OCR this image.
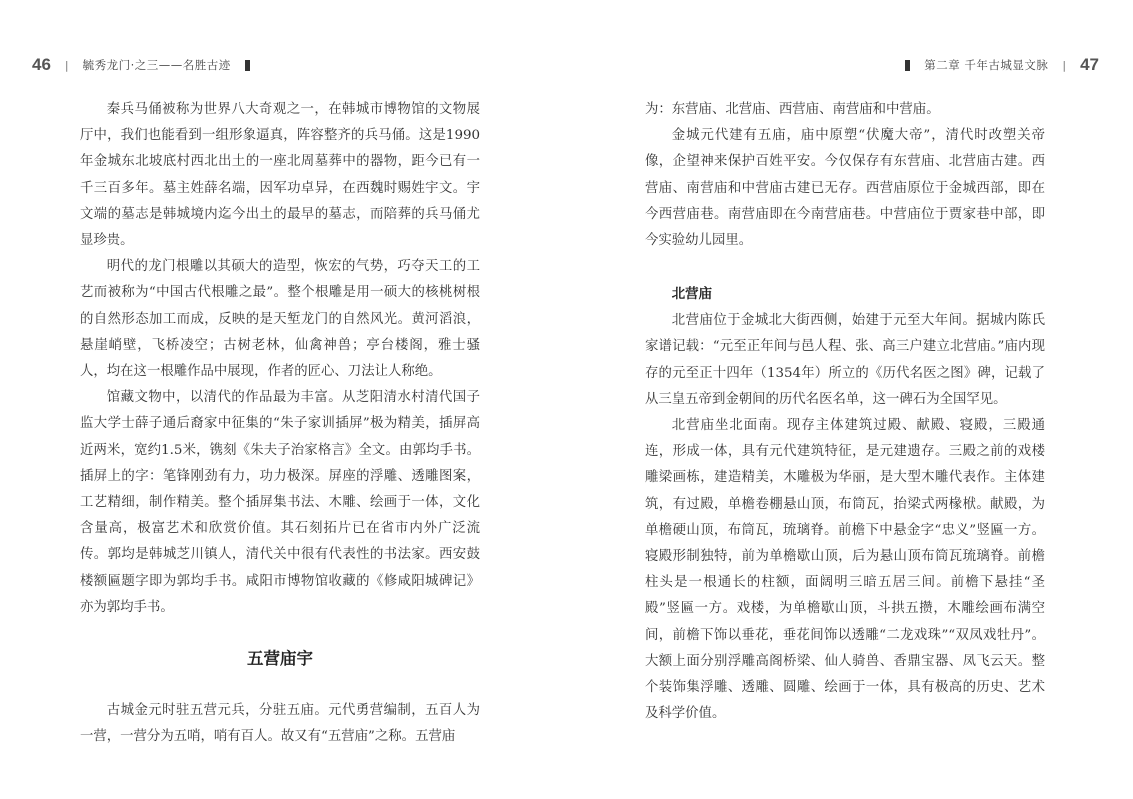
46 | 毓秀龙门·之三——名胜古迹

秦兵马俑被称为世界八大奇观之一，在韩城市博物馆的文物展厅中，我们也能看到一组形象逼真，阵容整齐的兵马俑。这是1990年金城东北坡底村西北出土的一座北周墓葬中的器物，距今已有一千三百多年。墓主姓薛名端，因军功卓异，在西魏时赐姓宇文。宇文端的墓志是韩城境内迄今出土的最早的墓志，而陪葬的兵马俑尤显珍贵。

明代的龙门根雕以其硕大的造型，恢宏的气势，巧夺天工的工艺而被称为“中国古代根雕之最”。整个根雕是用一硕大的核桃树根的自然形态加工而成，反映的是天堑龙门的自然风光。黄河滔浪，悬崖峭壁，飞桥凌空；古树老林，仙禽神兽；亭台楼阁，雅士骚人，均在这一根雕作品中展现，作者的匠心、刀法让人称绝。

馆藏文物中，以清代的作品最为丰富。从芝阳清水村清代国子监大学士薛子通后裔家中征集的“朱子家训插屏”极为精美，插屏高近两米，宽约1.5米，镌刻《朱夫子治家格言》全文。由郭均手书。插屏上的字：笔锋刚劲有力，功力极深。屏座的浮雕、透雕图案，工艺精细，制作精美。整个插屏集书法、木雕、绘画于一体，文化含量高，极富艺术和欣赏价值。其石刻拓片已在省市内外广泛流传。郭均是韩城芝川镇人，清代关中很有代表性的书法家。西安鼓楼额匾题字即为郭均手书。咸阳市博物馆收藏的《修咸阳城碑记》亦为郭均手书。

五营庙宇

古城金元时驻五营元兵，分驻五庙。元代勇营编制，五百人为一营，一营分为五哨，哨有百人。故又有“五营庙”之称。五营庙

第二章 千年古城显文脉 | 47

为：东营庙、北营庙、西营庙、南营庙和中营庙。

金城元代建有五庙，庙中原塑“伏魔大帝”，清代时改塑关帝像，企望神来保护百姓平安。今仅保存有东营庙、北营庙古建。西营庙、南营庙和中营庙古建已无存。西营庙原位于金城西部，即在今西营庙巷。南营庙即在今南营庙巷。中营庙位于贾家巷中部，即今实验幼儿园里。

北营庙

北营庙位于金城北大街西侧，始建于元至大年间。据城内陈氏家谱记载：“元至正年间与邑人程、张、高三户建立北营庙。”庙内现存的元至正十四年（1354年）所立的《历代名医之图》碑，记载了从三皇五帝到金朝间的历代名医名单，这一碑石为全国罕见。

北营庙坐北面南。现存主体建筑过殿、献殿、寝殿，三殿通连，形成一体，具有元代建筑特征，是元建遗存。三殿之前的戏楼雕梁画栋，建造精美，木雕极为华丽，是大型木雕代表作。主体建筑，有过殿，单檐卷棚悬山顶，布筒瓦，抬梁式两椽栿。献殿，为单檐硬山顶，布筒瓦，琉璃脊。前檐下中悬金字“忠义”竖匾一方。寝殿形制独特，前为单檐歇山顶，后为悬山顶布筒瓦琉璃脊。前檐柱头是一根通长的柱额，面阔明三暗五居三间。前檐下悬挂“圣殿”竖匾一方。戏楼，为单檐歇山顶，斗拱五攒，木雕绘画布满空间，前檐下饰以垂花，垂花间饰以透雕“二龙戏珠”“双凤戏牡丹”。大额上面分别浮雕高阁桥梁、仙人骑兽、香鼎宝器、凤飞云天。整个装饰集浮雕、透雕、圆雕、绘画于一体，具有极高的历史、艺术及科学价值。
